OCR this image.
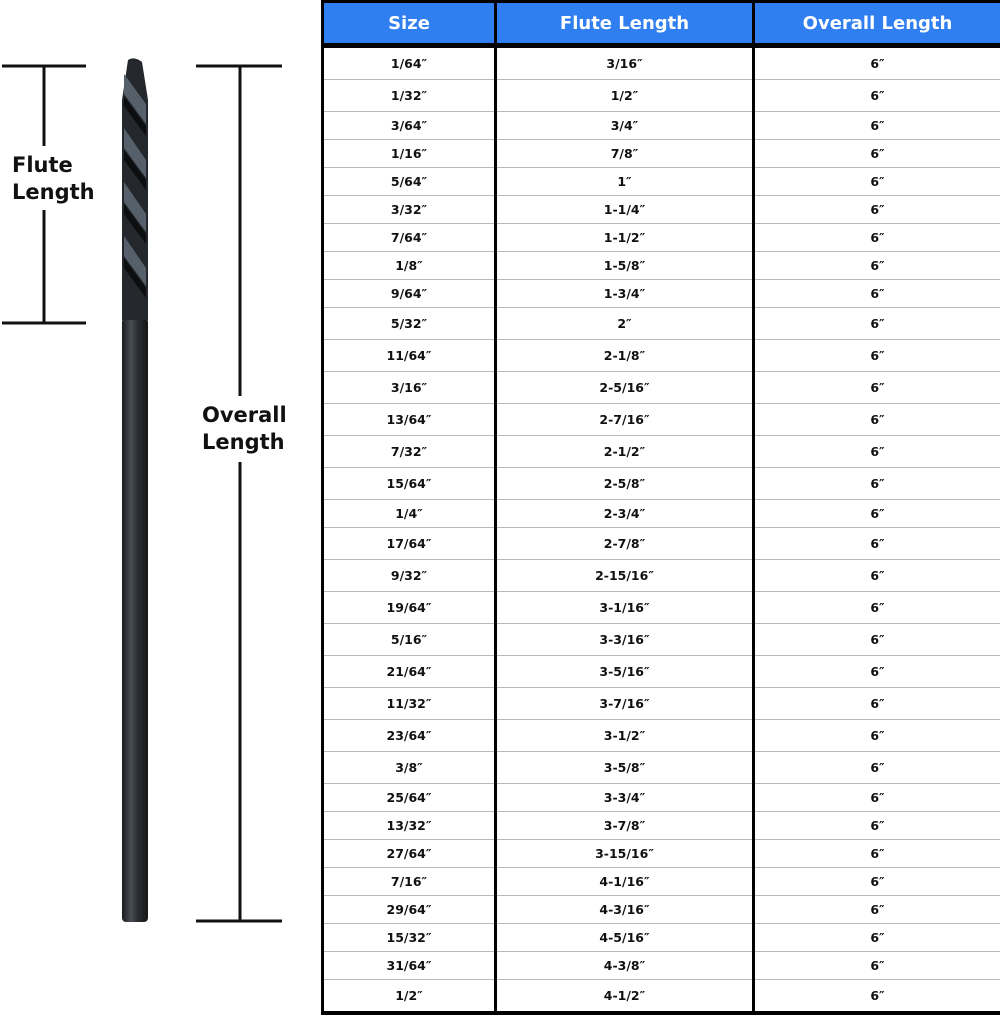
Flute
Length
Overall
Length
Size	Flute Length	Overall Length
1/64″	3/16″	6″
1/32″	1/2″	6″
3/64″	3/4″	6″
1/16″	7/8″	6″
5/64″	1″	6″
3/32″	1-1/4″	6″
7/64″	1-1/2″	6″
1/8″	1-5/8″	6″
9/64″	1-3/4″	6″
5/32″	2″	6″
11/64″	2-1/8″	6″
3/16″	2-5/16″	6″
13/64″	2-7/16″	6″
7/32″	2-1/2″	6″
15/64″	2-5/8″	6″
1/4″	2-3/4″	6″
17/64″	2-7/8″	6″
9/32″	2-15/16″	6″
19/64″	3-1/16″	6″
5/16″	3-3/16″	6″
21/64″	3-5/16″	6″
11/32″	3-7/16″	6″
23/64″	3-1/2″	6″
3/8″	3-5/8″	6″
25/64″	3-3/4″	6″
13/32″	3-7/8″	6″
27/64″	3-15/16″	6″
7/16″	4-1/16″	6″
29/64″	4-3/16″	6″
15/32″	4-5/16″	6″
31/64″	4-3/8″	6″
1/2″	4-1/2″	6″
